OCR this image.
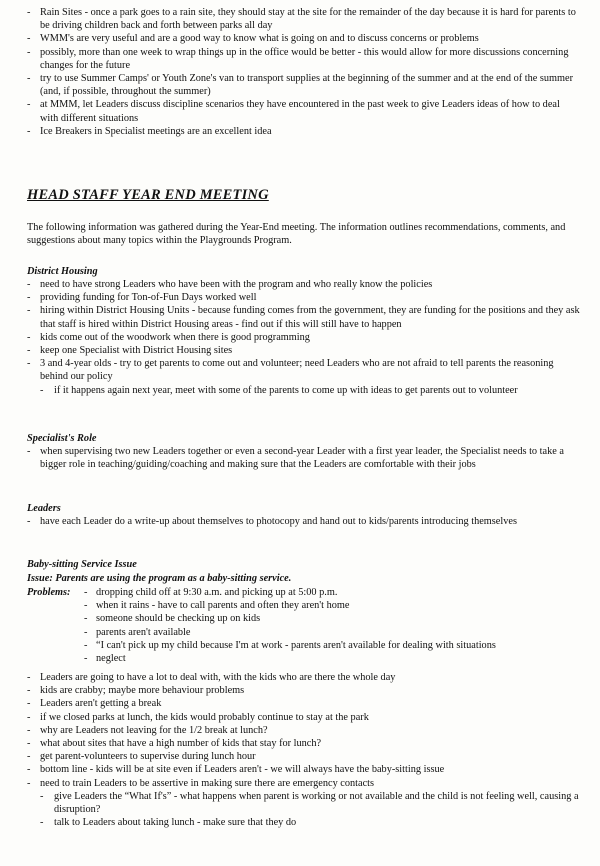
- Rain Sites - once a park goes to a rain site, they should stay at the site for the remainder of the day because it is hard for parents to be driving children back and forth between parks all day
- WMM's are very useful and are a good way to know what is going on and to discuss concerns or problems
- possibly, more than one week to wrap things up in the office would be better - this would allow for more discussions concerning changes for the future
- try to use Summer Camps' or Youth Zone's van to transport supplies at the beginning of the summer and at the end of the summer (and, if possible, throughout the summer)
- at MMM, let Leaders discuss discipline scenarios they have encountered in the past week to give Leaders ideas of how to deal with different situations
- Ice Breakers in Specialist meetings are an excellent idea
HEAD STAFF YEAR END MEETING
The following information was gathered during the Year-End meeting. The information outlines recommendations, comments, and suggestions about many topics within the Playgrounds Program.
District Housing
- need to have strong Leaders who have been with the program and who really know the policies
- providing funding for Ton-of-Fun Days worked well
- hiring within District Housing Units - because funding comes from the government, they are funding for the positions and they ask that staff is hired within District Housing areas - find out if this will still have to happen
- kids come out of the woodwork when there is good programming
- keep one Specialist with District Housing sites
- 3 and 4-year olds - try to get parents to come out and volunteer; need Leaders who are not afraid to tell parents the reasoning behind our policy
- if it happens again next year, meet with some of the parents to come up with ideas to get parents out to volunteer
Specialist's Role
- when supervising two new Leaders together or even a second-year Leader with a first year leader, the Specialist needs to take a bigger role in teaching/guiding/coaching and making sure that the Leaders are comfortable with their jobs
Leaders
- have each Leader do a write-up about themselves to photocopy and hand out to kids/parents introducing themselves
Baby-sitting Service Issue
Issue: Parents are using the program as a baby-sitting service.
Problems:
-	dropping child off at 9:30 a.m. and picking up at 5:00 p.m.
- when it rains - have to call parents and often they aren't home
- someone should be checking up on kids
- parents aren't available
- “I can't pick up my child because I'm at work - parents aren't available for dealing with situations
- neglect
- Leaders are going to have a lot to deal with, with the kids who are there the whole day
- kids are crabby; maybe more behaviour problems
- Leaders aren't getting a break
- if we closed parks at lunch, the kids would probably continue to stay at the park
- why are Leaders not leaving for the 1/2 break at lunch?
- what about sites that have a high number of kids that stay for lunch?
- get parent-volunteers to supervise during lunch hour
- bottom line - kids will be at site even if Leaders aren't - we will always have the baby-sitting issue
- need to train Leaders to be assertive in making sure there are emergency contacts
- give Leaders the “What If's” - what happens when parent is working or not available and the child is not feeling well, causing a disruption?
- talk to Leaders about taking lunch - make sure that they do
